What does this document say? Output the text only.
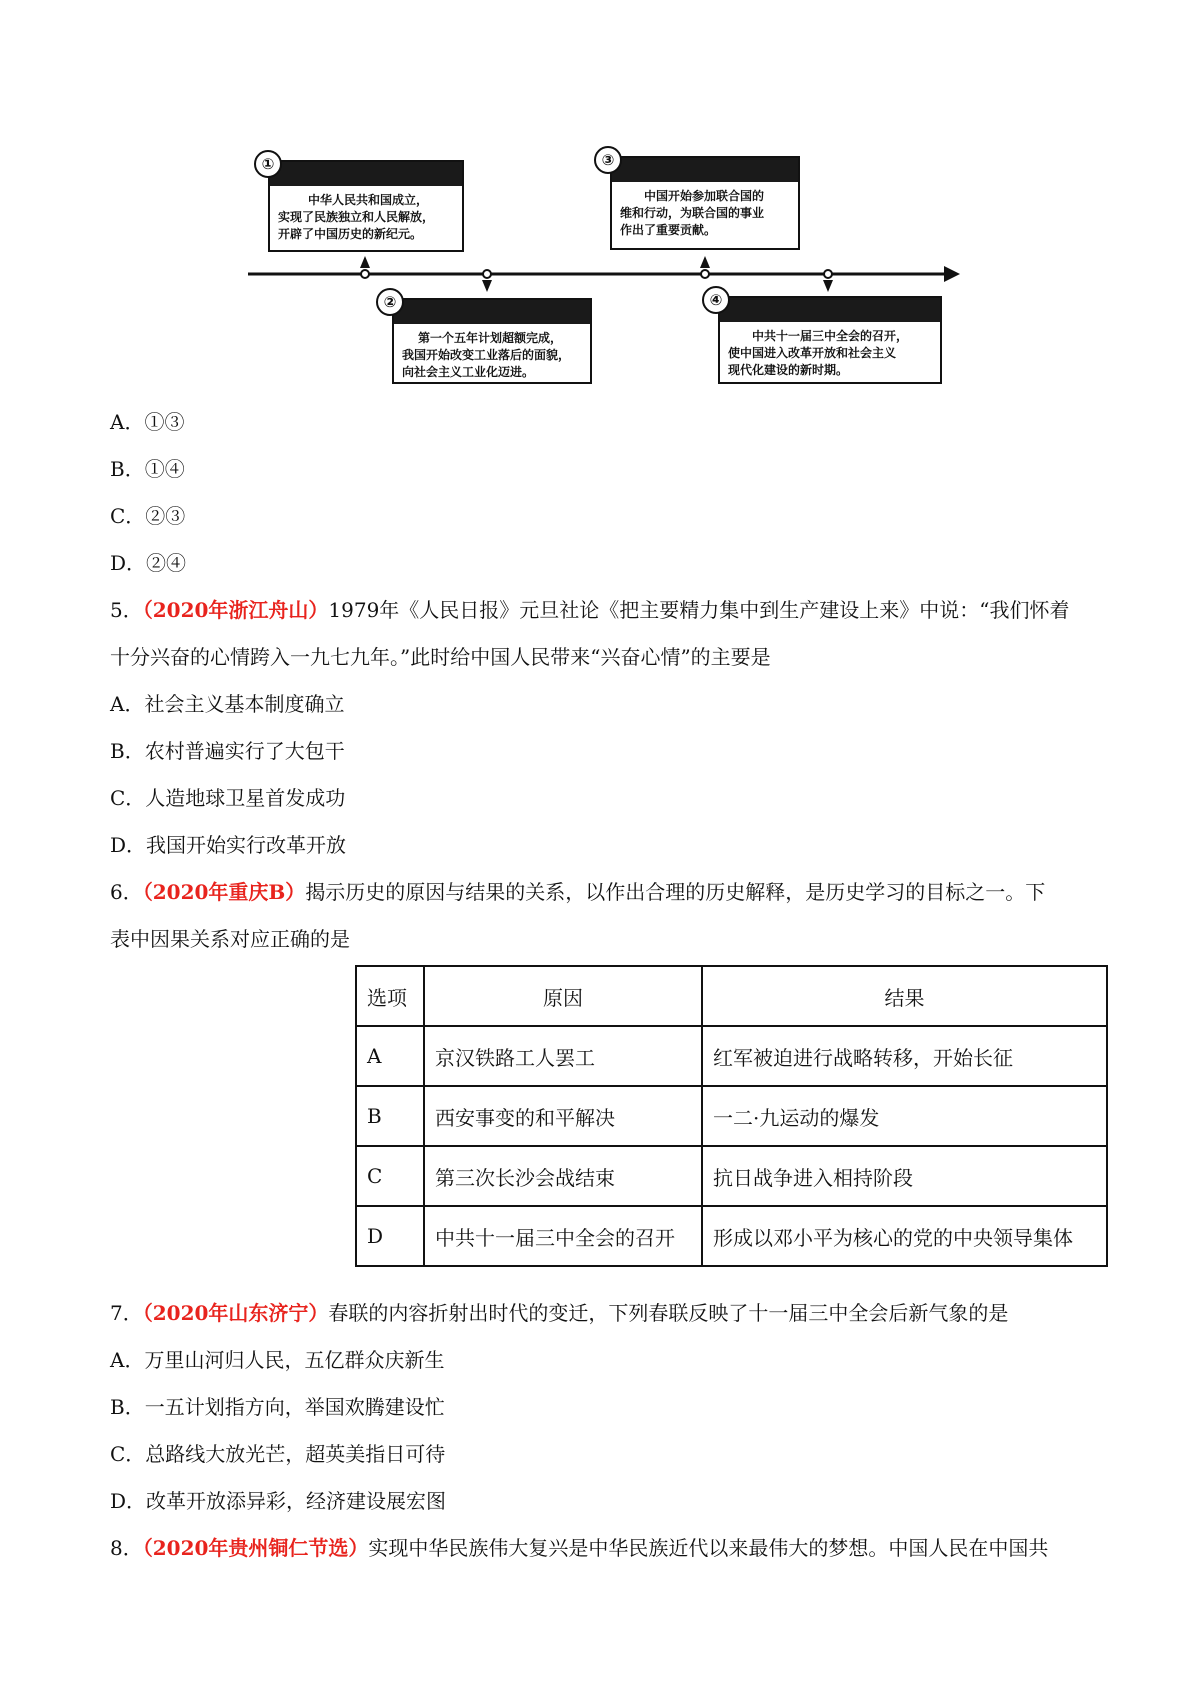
中华人民共和国成立，
实现了民族独立和人民解放，
开辟了中国历史的新纪元。
①
第一个五年计划超额完成，
我国开始改变工业落后的面貌，
向社会主义工业化迈进。
②
中国开始参加联合国的
维和行动，为联合国的事业
作出了重要贡献。
③
中共十一届三中全会的召开，
使中国进入改革开放和社会主义
现代化建设的新时期。
④
A．①③
B．①④
C．②③
D．②④
5．（2020年浙江舟山）1979年《人民日报》元旦社论《把主要精力集中到生产建设上来》中说：“我们怀着
十分兴奋的心情跨入一九七九年。”此时给中国人民带来“兴奋心情”的主要是
A．社会主义基本制度确立
B．农村普遍实行了大包干
C．人造地球卫星首发成功
D．我国开始实行改革开放
6．（2020年重庆B）揭示历史的原因与结果的关系，以作出合理的历史解释，是历史学习的目标之一。下
表中因果关系对应正确的是
选项	原因	结果
A	京汉铁路工人罢工	红军被迫进行战略转移，开始长征
B	西安事变的和平解决	一二·九运动的爆发
C	第三次长沙会战结束	抗日战争进入相持阶段
D	中共十一届三中全会的召开	形成以邓小平为核心的党的中央领导集体
7．（2020年山东济宁）春联的内容折射出时代的变迁，下列春联反映了十一届三中全会后新气象的是
A．万里山河归人民，五亿群众庆新生
B．一五计划指方向，举国欢腾建设忙
C．总路线大放光芒，超英美指日可待
D．改革开放添异彩，经济建设展宏图
8．（2020年贵州铜仁节选）实现中华民族伟大复兴是中华民族近代以来最伟大的梦想。中国人民在中国共
